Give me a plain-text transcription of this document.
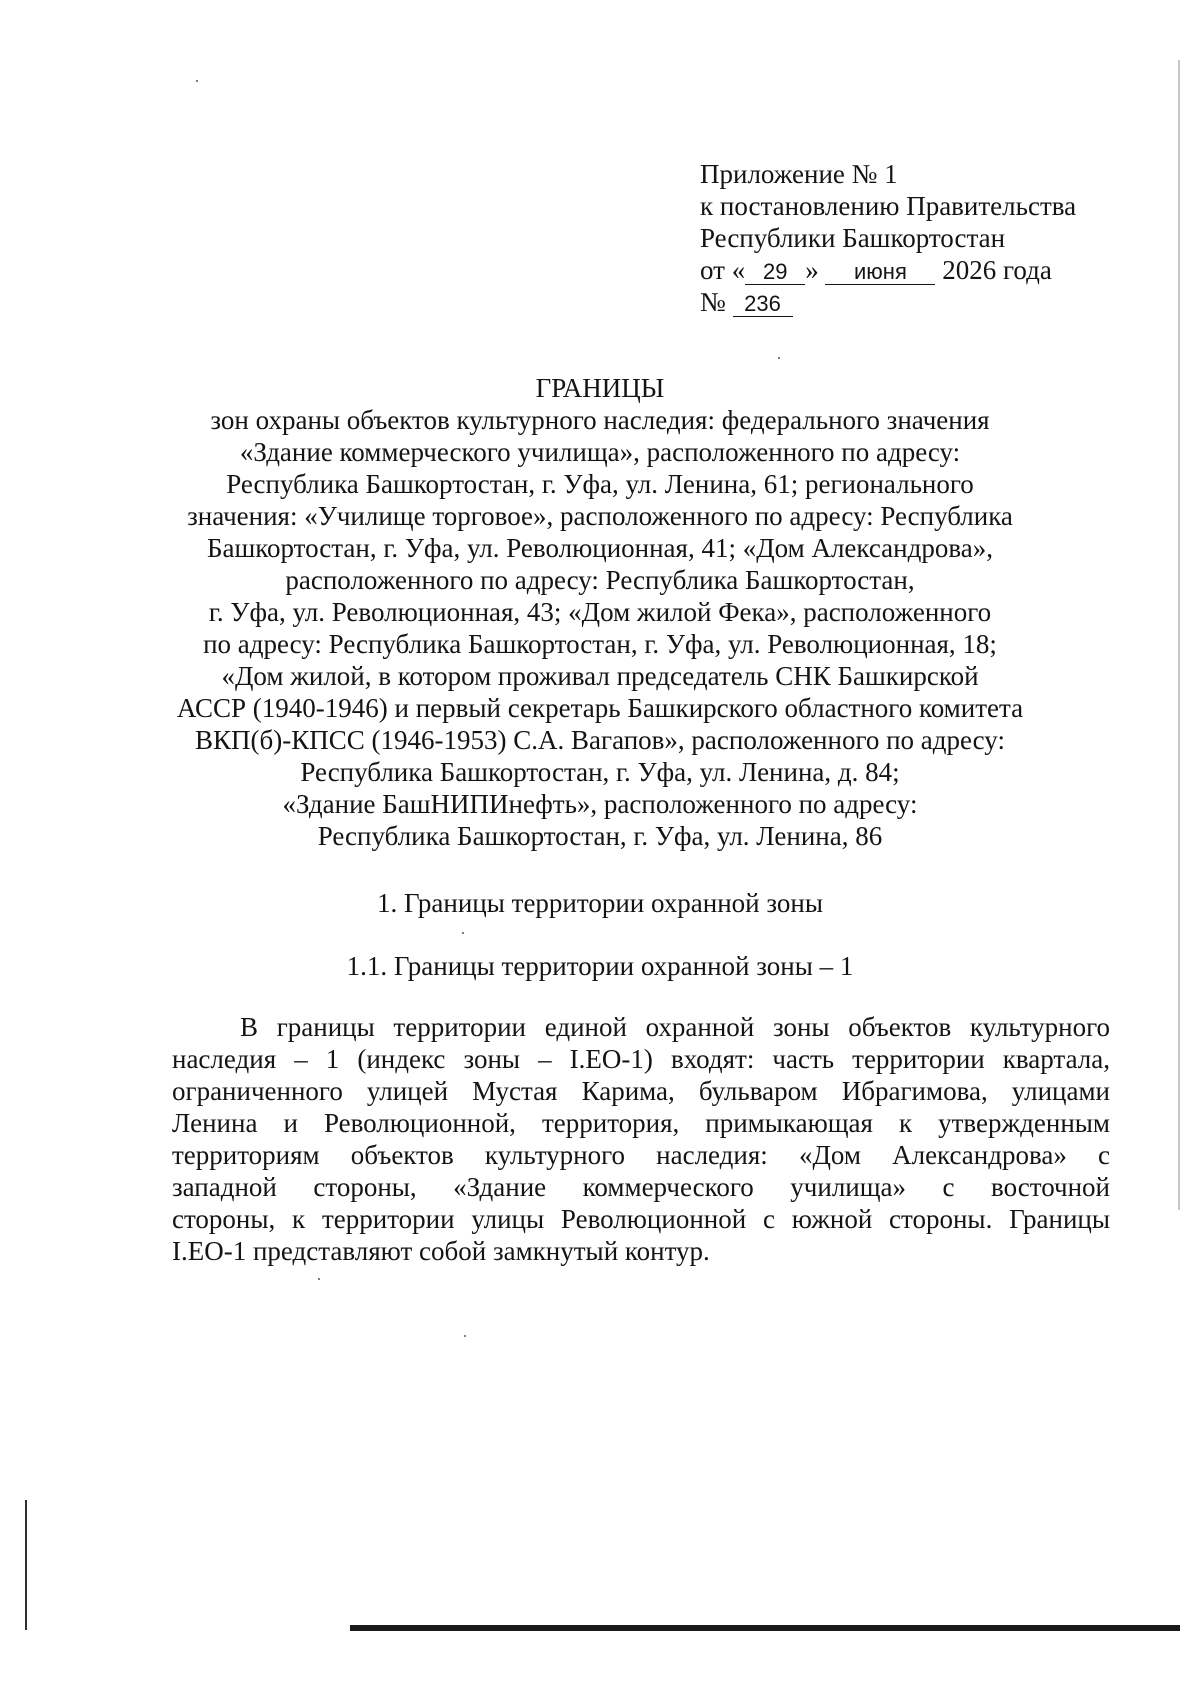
Приложение № 1
к постановлению Правительства
Республики Башкортостан
от « 29 » июня 2026 года
№ 236
ГРАНИЦЫ
зон охраны объектов культурного наследия: федерального значения
«Здание коммерческого училища», расположенного по адресу:
Республика Башкортостан, г. Уфа, ул. Ленина, 61; регионального
значения: «Училище торговое», расположенного по адресу: Республика
Башкортостан, г. Уфа, ул. Революционная, 41; «Дом Александрова»,
расположенного по адресу: Республика Башкортостан,
г. Уфа, ул. Революционная, 43; «Дом жилой Фека», расположенного
по адресу: Республика Башкортостан, г. Уфа, ул. Революционная, 18;
«Дом жилой, в котором проживал председатель СНК Башкирской
АССР (1940-1946) и первый секретарь Башкирского областного комитета
ВКП(б)-КПСС (1946-1953) С.А. Вагапов», расположенного по адресу:
Республика Башкортостан, г. Уфа, ул. Ленина, д. 84;
«Здание БашНИПИнефть», расположенного по адресу:
Республика Башкортостан, г. Уфа, ул. Ленина, 86
1. Границы территории охранной зоны
1.1. Границы территории охранной зоны – 1
В границы территории единой охранной зоны объектов культурного
наследия – 1 (индекс зоны – I.ЕО-1) входят: часть территории квартала,
ограниченного улицей Мустая Карима, бульваром Ибрагимова, улицами
Ленина и Революционной, территория, примыкающая к утвержденным
территориям объектов культурного наследия: «Дом Александрова» с
западной стороны, «Здание коммерческого училища» с восточной
стороны, к территории улицы Революционной с южной стороны. Границы
I.ЕО-1 представляют собой замкнутый контур.
